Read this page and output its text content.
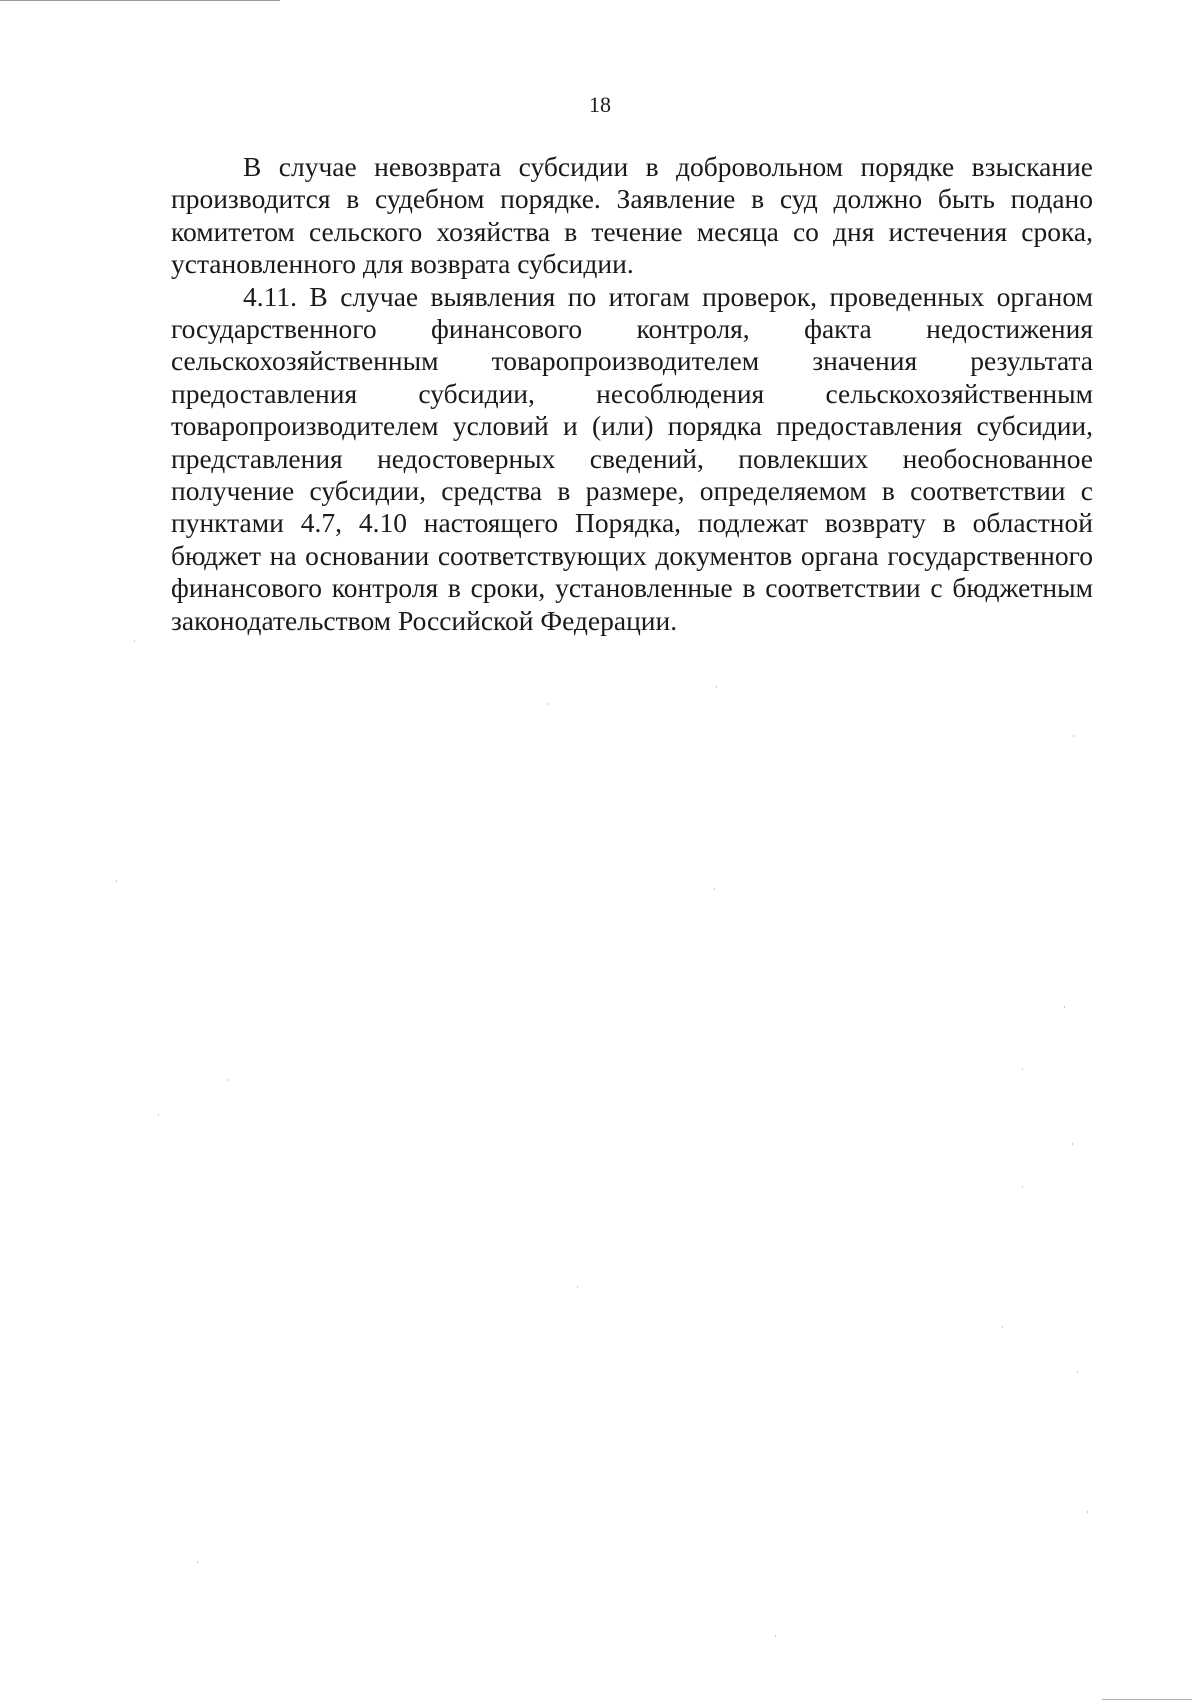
18

В случае невозврата субсидии в добровольном порядке взыскание производится в судебном порядке. Заявление в суд должно быть подано комитетом сельского хозяйства в течение месяца со дня истечения срока, установленного для возврата субсидии.

4.11. В случае выявления по итогам проверок, проведенных органом государственного финансового контроля, факта недостижения сельскохозяйственным товаропроизводителем значения результата предоставления субсидии, несоблюдения сельскохозяйственным товаропроизводителем условий и (или) порядка предоставления субсидии, представления недостоверных сведений, повлекших необоснованное получение субсидии, средства в размере, определяемом в соответствии с пунктами 4.7, 4.10 настоящего Порядка, подлежат возврату в областной бюджет на основании соответствующих документов органа государственного финансового контроля в сроки, установленные в соответствии с бюджетным законодательством Российской Федерации.
